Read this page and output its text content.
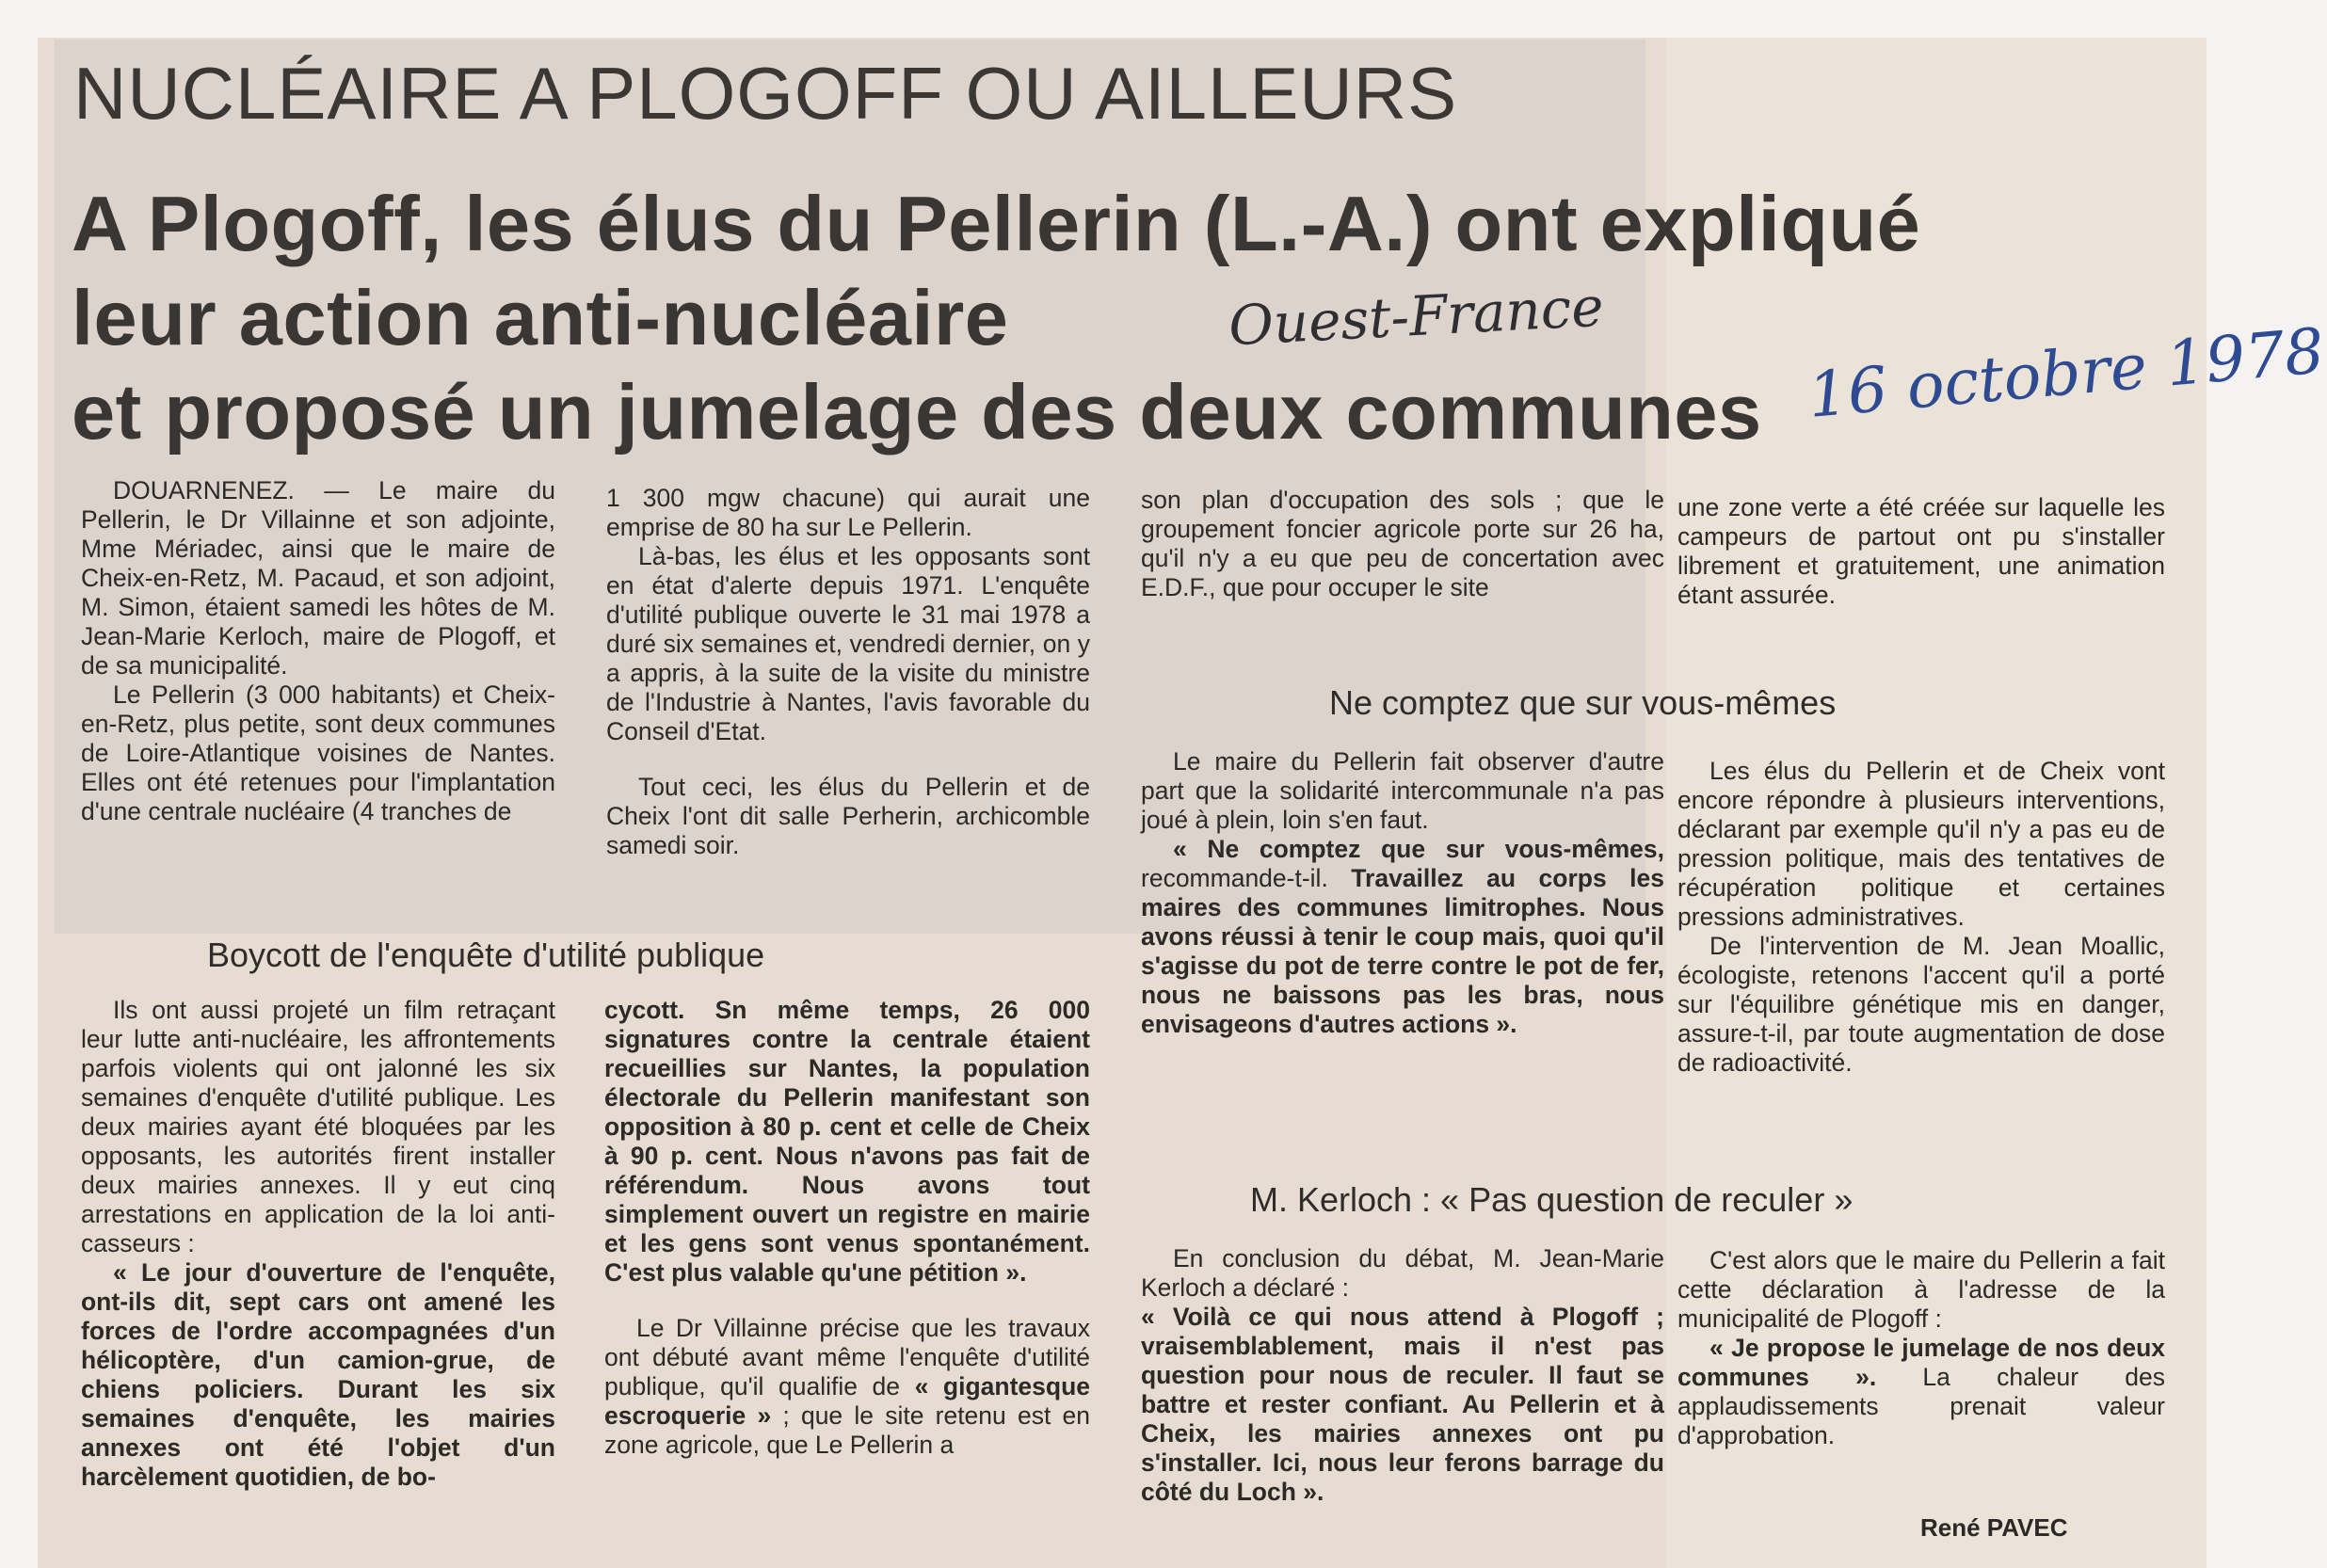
NUCLÉAIRE A PLOGOFF OU AILLEURS
A Plogoff, les élus du Pellerin (L.-A.) ont expliqué
leur action anti-nucléaire
et proposé un jumelage des deux communes
Ouest-France	16 octobre 1978

DOUARNENEZ. — Le maire du Pellerin, le Dr Villainne et son adjointe, Mme Mériadec, ainsi que le maire de Cheix-en-Retz, M. Pacaud, et son adjoint, M. Simon, étaient samedi les hôtes de M. Jean-Marie Kerloch, maire de Plogoff, et de sa municipalité.

Le Pellerin (3 000 habitants) et Cheix-en-Retz, plus petite, sont deux communes de Loire-Atlantique voisines de Nantes. Elles ont été retenues pour l'implantation d'une centrale nucléaire (4 tranches de

1 300 mgw chacune) qui aurait une emprise de 80 ha sur Le Pellerin.

Là-bas, les élus et les opposants sont en état d'alerte depuis 1971. L'enquête d'utilité publique ouverte le 31 mai 1978 a duré six semaines et, vendredi dernier, on y a appris, à la suite de la visite du ministre de l'Industrie à Nantes, l'avis favorable du Conseil d'Etat.

Tout ceci, les élus du Pellerin et de Cheix l'ont dit salle Perherin, archicomble samedi soir.

son plan d'occupation des sols ; que le groupement foncier agricole porte sur 26 ha, qu'il n'y a eu que peu de concertation avec E.D.F., que pour occuper le site

une zone verte a été créée sur laquelle les campeurs de partout ont pu s'installer librement et gratuitement, une animation étant assurée.

Boycott de l'enquête d'utilité publique

Ils ont aussi projeté un film retraçant leur lutte anti-nucléaire, les affrontements parfois violents qui ont jalonné les six semaines d'enquête d'utilité publique. Les deux mairies ayant été bloquées par les opposants, les autorités firent installer deux mairies annexes. Il y eut cinq arrestations en application de la loi anti-casseurs :

« Le jour d'ouverture de l'enquête, ont-ils dit, sept cars ont amené les forces de l'ordre accompagnées d'un hélicoptère, d'un camion-grue, de chiens policiers. Durant les six semaines d'enquête, les mairies annexes ont été l'objet d'un harcèlement quotidien, de bo-

cycott. Sn même temps, 26 000 signatures contre la centrale étaient recueillies sur Nantes, la population électorale du Pellerin manifestant son opposition à 80 p. cent et celle de Cheix à 90 p. cent. Nous n'avons pas fait de référendum. Nous avons tout simplement ouvert un registre en mairie et les gens sont venus spontanément. C'est plus valable qu'une pétition ».

Le Dr Villainne précise que les travaux ont débuté avant même l'enquête d'utilité publique, qu'il qualifie de « gigantesque escroquerie » ; que le site retenu est en zone agricole, que Le Pellerin a

Ne comptez que sur vous-mêmes

Le maire du Pellerin fait observer d'autre part que la solidarité intercommunale n'a pas joué à plein, loin s'en faut.

« Ne comptez que sur vous-mêmes, recommande-t-il. Travaillez au corps les maires des communes limitrophes. Nous avons réussi à tenir le coup mais, quoi qu'il s'agisse du pot de terre contre le pot de fer, nous ne baissons pas les bras, nous envisageons d'autres actions ».

Les élus du Pellerin et de Cheix vont encore répondre à plusieurs interventions, déclarant par exemple qu'il n'y a pas eu de pression politique, mais des tentatives de récupération politique et certaines pressions administratives.

De l'intervention de M. Jean Moallic, écologiste, retenons l'accent qu'il a porté sur l'équilibre génétique mis en danger, assure-t-il, par toute augmentation de dose de radioactivité.

M. Kerloch : « Pas question de reculer »

En conclusion du débat, M. Jean-Marie Kerloch a déclaré :

« Voilà ce qui nous attend à Plogoff ; vraisemblablement, mais il n'est pas question pour nous de reculer. Il faut se battre et rester confiant. Au Pellerin et à Cheix, les mairies annexes ont pu s'installer. Ici, nous leur ferons barrage du côté du Loch ».

C'est alors que le maire du Pellerin a fait cette déclaration à l'adresse de la municipalité de Plogoff :

« Je propose le jumelage de nos deux communes ». La chaleur des applaudissements prenait valeur d'approbation.

René PAVEC
